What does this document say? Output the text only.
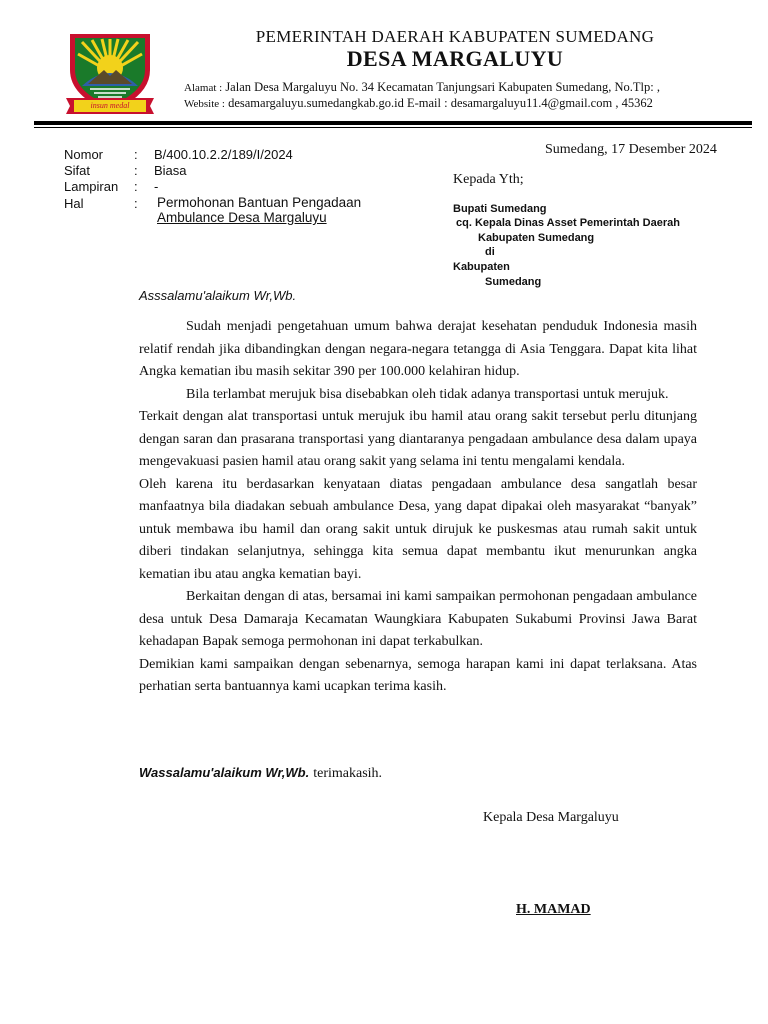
insun medal
PEMERINTAH DAERAH KABUPATEN SUMEDANG
DESA MARGALUYU
Alamat : Jalan Desa Margaluyu No. 34 Kecamatan Tanjungsari Kabupaten Sumedang, No.Tlp: ,
Website : desamargaluyu.sumedangkab.go.id E-mail : desamargaluyu11.4@gmail.com , 45362
Nomor : B/400.10.2.2/189/I/2024
Sifat	: Biasa
Lampiran : -
Hal	:	Permohonan Bantuan Pengadaan
Ambulance Desa Margaluyu
Sumedang, 17 Desember 2024
Kepada Yth;
Bupati Sumedang
cq. Kepala Dinas Asset Pemerintah Daerah
Kabupaten Sumedang
di
Kabupaten
Sumedang
Asssalamu'alaikum Wr,Wb.

Sudah menjadi pengetahuan umum bahwa derajat kesehatan penduduk Indonesia masih relatif rendah jika dibandingkan dengan negara-negara tetangga di Asia Tenggara. Dapat kita lihat Angka kematian ibu masih sekitar 390 per 100.000 kelahiran hidup.

Bila terlambat merujuk bisa disebabkan oleh tidak adanya transportasi untuk merujuk.

Terkait dengan alat transportasi untuk merujuk ibu hamil atau orang sakit tersebut perlu ditunjang dengan saran dan prasarana transportasi yang diantaranya pengadaan ambulance desa dalam upaya mengevakuasi pasien hamil atau orang sakit yang selama ini tentu mengalami kendala.

Oleh karena itu berdasarkan kenyataan diatas pengadaan ambulance desa sangatlah besar manfaatnya bila diadakan sebuah ambulance Desa, yang dapat dipakai oleh masyarakat “banyak” untuk membawa ibu hamil dan orang sakit untuk dirujuk ke puskesmas atau rumah sakit untuk diberi tindakan selanjutnya, sehingga kita semua dapat membantu ikut menurunkan angka kematian ibu atau angka kematian bayi.

Berkaitan dengan di atas, bersamai ini kami sampaikan permohonan pengadaan ambulance desa untuk Desa Damaraja Kecamatan Waungkiara Kabupaten Sukabumi Provinsi Jawa Barat kehadapan Bapak semoga permohonan ini dapat terkabulkan.

Demikian kami sampaikan dengan sebenarnya, semoga harapan kami ini dapat terlaksana. Atas perhatian serta bantuannya kami ucapkan terima kasih.

Wassalamu'alaikum Wr,Wb. terimakasih.
Kepala Desa Margaluyu
H. MAMAD
